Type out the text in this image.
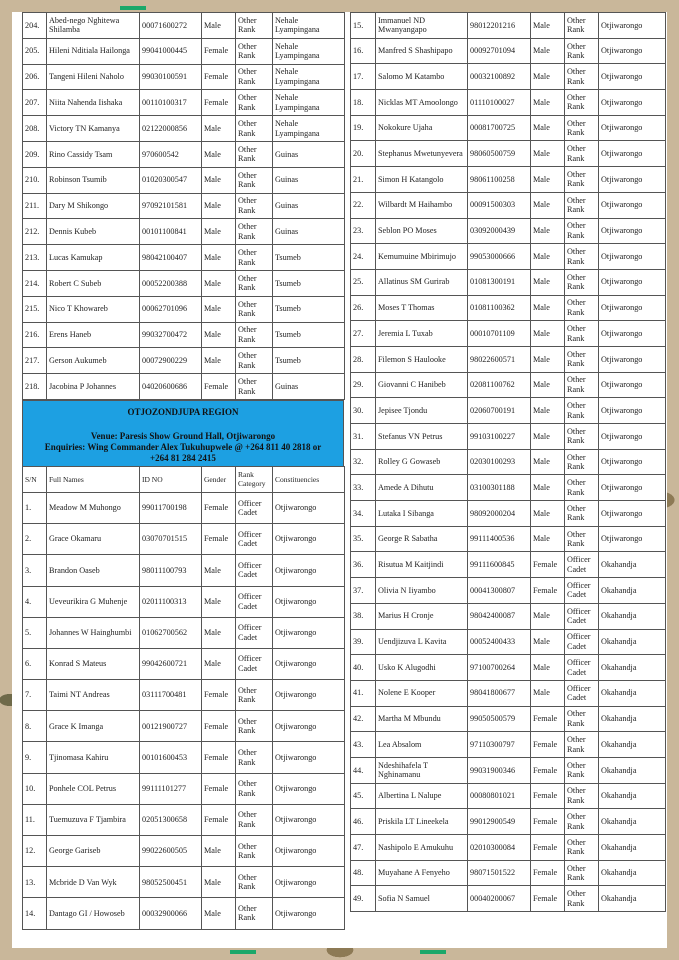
204.	Abed-nego Nghitewa Shilamba	00071600272	Male	Other Rank	Nehale Lyampingana
205.	Hileni Nditiala Hailonga	99041000445	Female	Other Rank	Nehale Lyampingana
206.	Tangeni Hileni Naholo	99030100591	Female	Other Rank	Nehale Lyampingana
207.	Niita Nahenda Iishaka	00110100317	Female	Other Rank	Nehale Lyampingana
208.	Victory TN Kamanya	02122000856	Male	Other Rank	Nehale Lyampingana
209.	Rino Cassidy Tsam	970600542	Male	Other Rank	Guinas
210.	Robinson Tsumib	01020300547	Male	Other Rank	Guinas
211.	Dary M Shikongo	97092101581	Male	Other Rank	Guinas
212.	Dennis Kubeb	00101100841	Male	Other Rank	Guinas
213.	Lucas Kamukap	98042100407	Male	Other Rank	Tsumeb
214.	Robert C Subeb	00052200388	Male	Other Rank	Tsumeb
215.	Nico T Khowareb	00062701096	Male	Other Rank	Tsumeb
216.	Erens Haneb	99032700472	Male	Other Rank	Tsumeb
217.	Gerson Aukumeb	00072900229	Male	Other Rank	Tsumeb
218.	Jacobina P Johannes	04020600686	Female	Other Rank	Guinas
OTJOZONDJUPA REGION
Venue: Paresis Show Ground Hall, Otjiwarongo
Enquiries: Wing Commander Alex Tukuhupwele @ +264 811 40 2818 or
+264 81 284 2415
S/N	Full Names	ID NO	Gender	Rank Category	Constituencies
1.	Meadow M Muhongo	99011700198	Female	Officer Cadet	Otjiwarongo
2.	Grace Okamaru	03070701515	Female	Officer Cadet	Otjiwarongo
3.	Brandon Oaseb	98011100793	Male	Officer Cadet	Otjiwarongo
4.	Ueveurikira G Muhenje	02011100313	Male	Officer Cadet	Otjiwarongo
5.	Johannes W Hainghumbi	01062700562	Male	Officer Cadet	Otjiwarongo
6.	Konrad S Mateus	99042600721	Male	Officer Cadet	Otjiwarongo
7.	Taimi NT Andreas	03111700481	Female	Other Rank	Otjiwarongo
8.	Grace K Imanga	00121900727	Female	Other Rank	Otjiwarongo
9.	Tjinomasa Kahiru	00101600453	Female	Other Rank	Otjiwarongo
10.	Ponhele COL Petrus	99111101277	Female	Other Rank	Otjiwarongo
11.	Tuemuzuva F Tjambira	02051300658	Female	Other Rank	Otjiwarongo
12.	George Gariseb	99022600505	Male	Other Rank	Otjiwarongo
13.	Mcbride D Van Wyk	98052500451	Male	Other Rank	Otjiwarongo
14.	Dantago GI / Howoseb	00032900066	Male	Other Rank	Otjiwarongo
15.	Immanuel ND Mwanyangapo	98012201216	Male	Other Rank	Otjiwarongo
16.	Manfred S Shashipapo	00092701094	Male	Other Rank	Otjiwarongo
17.	Salomo M Katambo	00032100892	Male	Other Rank	Otjiwarongo
18.	Nicklas MT Amoolongo	01110100027	Male	Other Rank	Otjiwarongo
19.	Nokokure Ujaha	00081700725	Male	Other Rank	Otjiwarongo
20.	Stephanus Mwetunyevera	98060500759	Male	Other Rank	Otjiwarongo
21.	Simon H Katangolo	98061100258	Male	Other Rank	Otjiwarongo
22.	Wilbardt M Haihambo	00091500303	Male	Other Rank	Otjiwarongo
23.	Seblon PO Moses	03092000439	Male	Other Rank	Otjiwarongo
24.	Kemumuine Mbirimujo	99053000666	Male	Other Rank	Otjiwarongo
25.	Allatinus SM Gurirab	01081300191	Male	Other Rank	Otjiwarongo
26.	Moses T Thomas	01081100362	Male	Other Rank	Otjiwarongo
27.	Jeremia L Tuxab	00010701109	Male	Other Rank	Otjiwarongo
28.	Filemon S Haulooke	98022600571	Male	Other Rank	Otjiwarongo
29.	Giovanni C Hanibeb	02081100762	Male	Other Rank	Otjiwarongo
30.	Jepisee Tjondu	02060700191	Male	Other Rank	Otjiwarongo
31.	Stefanus VN Petrus	99103100227	Male	Other Rank	Otjiwarongo
32.	Rolley G Gowaseb	02030100293	Male	Other Rank	Otjiwarongo
33.	Amede A Dihutu	03100301188	Male	Other Rank	Otjiwarongo
34.	Lutaka I Sibanga	98092000204	Male	Other Rank	Otjiwarongo
35.	George R Sabatha	99111400536	Male	Other Rank	Otjiwarongo
36.	Risutua M Kaitjindi	99111600845	Female	Officer Cadet	Okahandja
37.	Olivia N Iiyambo	00041300807	Female	Officer Cadet	Okahandja
38.	Marius H Cronje	98042400087	Male	Officer Cadet	Okahandja
39.	Uendjizuva L Kavita	00052400433	Male	Officer Cadet	Okahandja
40.	Usko K Alugodhi	97100700264	Male	Officer Cadet	Okahandja
41.	Nolene E Kooper	98041800677	Male	Officer Cadet	Okahandja
42.	Martha M Mbundu	99050500579	Female	Other Rank	Okahandja
43.	Lea Absalom	97110300797	Female	Other Rank	Okahandja
44.	Ndeshihafela T Nghinamanu	99031900346	Female	Other Rank	Okahandja
45.	Albertina L Nalupe	00080801021	Female	Other Rank	Okahandja
46.	Priskila LT Lineekela	99012900549	Female	Other Rank	Okahandja
47.	Nashipolo E Amukuhu	02010300084	Female	Other Rank	Okahandja
48.	Muyahane A Fenyeho	98071501522	Female	Other Rank	Okahandja
49.	Sofia N Samuel	00040200067	Female	Other Rank	Okahandja
